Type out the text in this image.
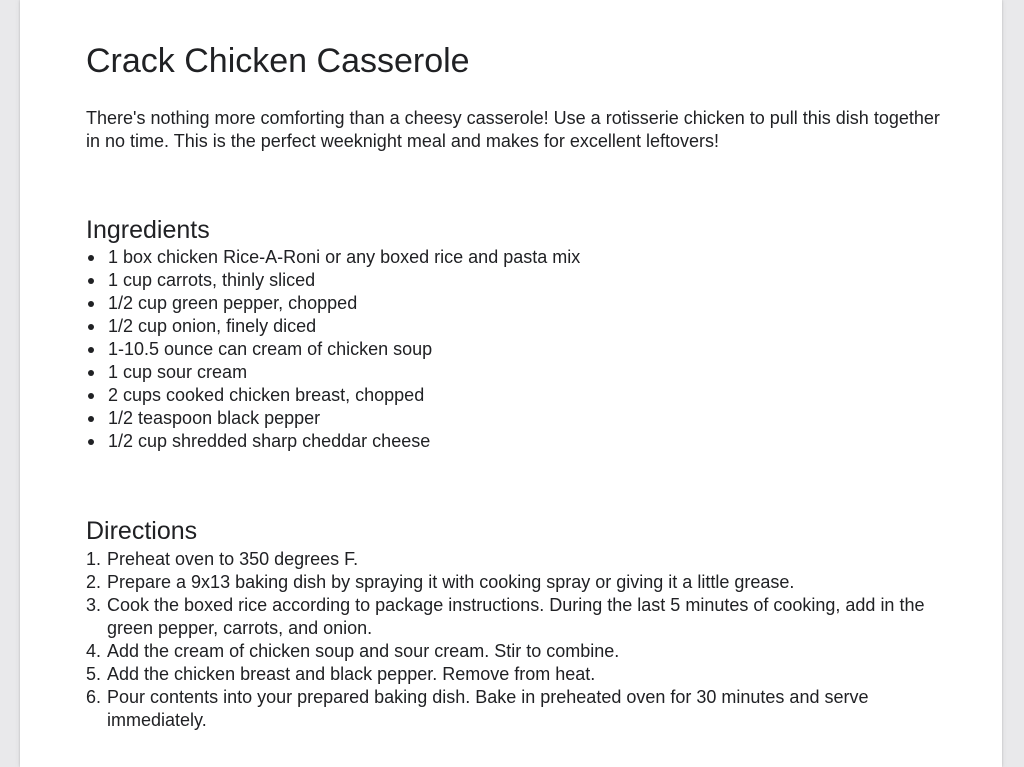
Crack Chicken Casserole

There's nothing more comforting than a cheesy casserole! Use a rotisserie chicken to pull this dish together in no time. This is the perfect weeknight meal and makes for excellent leftovers!

Ingredients
1 box chicken Rice-A-Roni or any boxed rice and pasta mix
1 cup carrots, thinly sliced
1/2 cup green pepper, chopped
1/2 cup onion, finely diced
1-10.5 ounce can cream of chicken soup
1 cup sour cream
2 cups cooked chicken breast, chopped
1/2 teaspoon black pepper
1/2 cup shredded sharp cheddar cheese
Directions
1. Preheat oven to 350 degrees F.
2. Prepare a 9x13 baking dish by spraying it with cooking spray or giving it a little grease.
3. Cook the boxed rice according to package instructions. During the last 5 minutes of cooking, add in the green pepper, carrots, and onion.
4. Add the cream of chicken soup and sour cream. Stir to combine.
5. Add the chicken breast and black pepper. Remove from heat.
6. Pour contents into your prepared baking dish. Bake in preheated oven for 30 minutes and serve immediately.
